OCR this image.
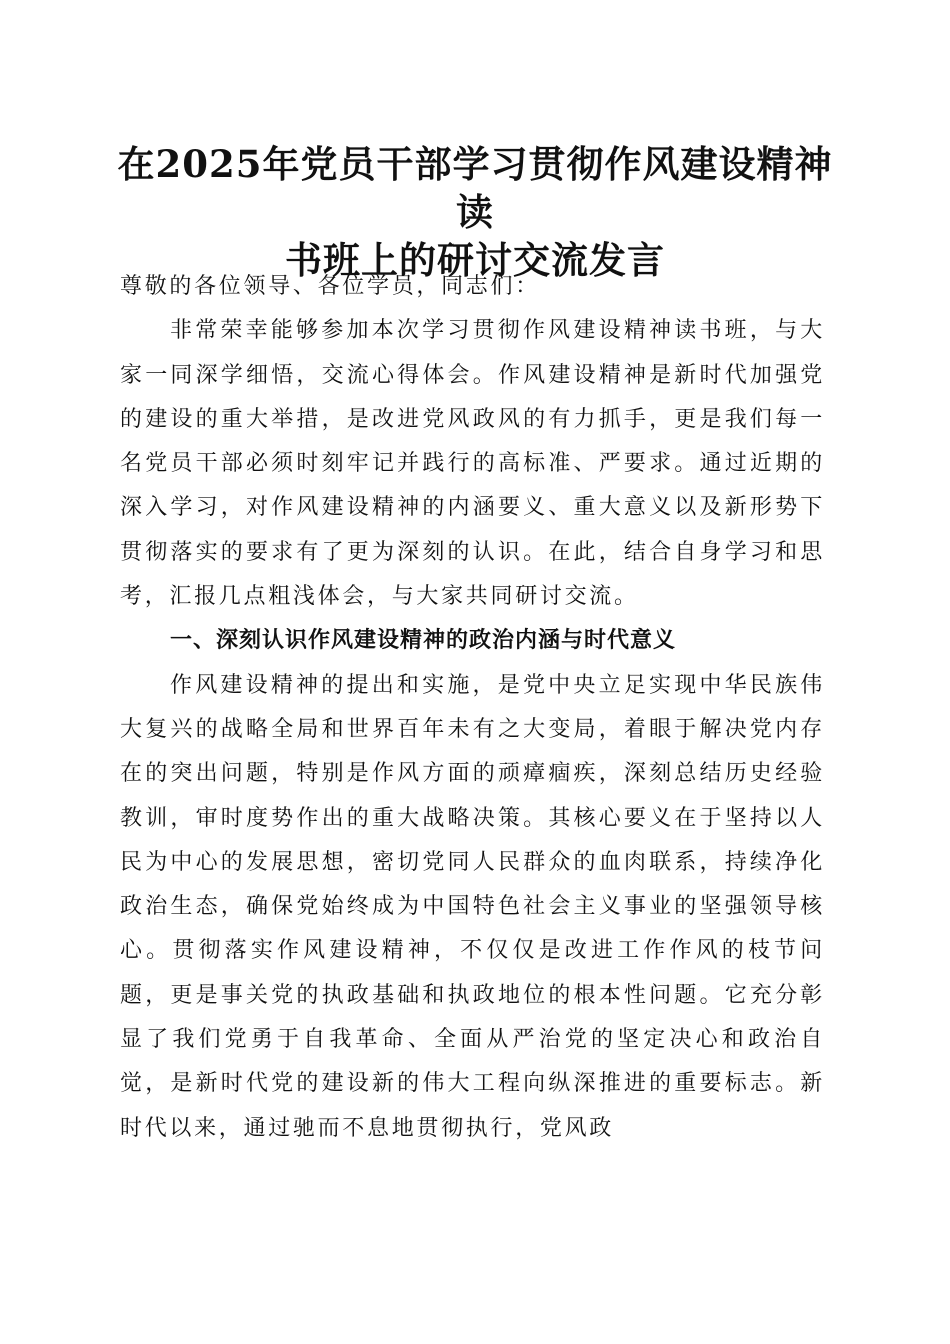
在2025年党员干部学习贯彻作风建设精神读
书班上的研讨交流发言

尊敬的各位领导、各位学员，同志们：

非常荣幸能够参加本次学习贯彻作风建设精神读书班，与大家一同深学细悟，交流心得体会。作风建设精神是新时代加强党的建设的重大举措，是改进党风政风的有力抓手，更是我们每一名党员干部必须时刻牢记并践行的高标准、严要求。通过近期的深入学习，对作风建设精神的内涵要义、重大意义以及新形势下贯彻落实的要求有了更为深刻的认识。在此，结合自身学习和思考，汇报几点粗浅体会，与大家共同研讨交流。

一、深刻认识作风建设精神的政治内涵与时代意义

作风建设精神的提出和实施，是党中央立足实现中华民族伟大复兴的战略全局和世界百年未有之大变局，着眼于解决党内存在的突出问题，特别是作风方面的顽瘴痼疾，深刻总结历史经验教训，审时度势作出的重大战略决策。其核心要义在于坚持以人民为中心的发展思想，密切党同人民群众的血肉联系，持续净化政治生态，确保党始终成为中国特色社会主义事业的坚强领导核心。贯彻落实作风建设精神，不仅仅是改进工作作风的枝节问题，更是事关党的执政基础和执政地位的根本性问题。它充分彰显了我们党勇于自我革命、全面从严治党的坚定决心和政治自觉，是新时代党的建设新的伟大工程向纵深推进的重要标志。新时代以来，通过驰而不息地贯彻执行，党风政
